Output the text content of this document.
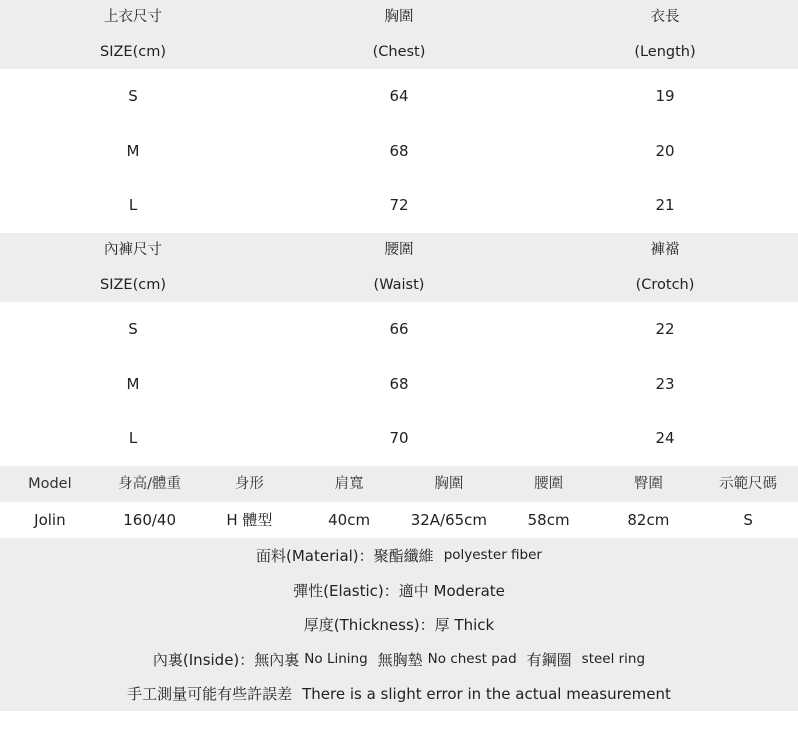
上衣尺寸	胸圍	衣長
SIZE(cm)	(Chest)	(Length)
S	64	19
M	68	20
L	72	21
內褲尺寸	腰圍	褲襠
SIZE(cm)	(Waist)	(Crotch)
S	66	22
M	68	23
L	70	24
Model	身高/體重	身形	肩寬	胸圍	腰圍	臀圍	示範尺碼
Jolin	160/40	H 體型	40cm	32A/65cm	58cm	82cm	S
面料(Material)： 聚酯纖維 polyester fiber
彈性(Elastic)： 適中 Moderate
厚度(Thickness)： 厚 Thick
內裏(Inside)： 無內裏 No Lining 無胸墊 No chest pad 有鋼圈 steel ring
手工測量可能有些許誤差 There is a slight error in the actual measurement
